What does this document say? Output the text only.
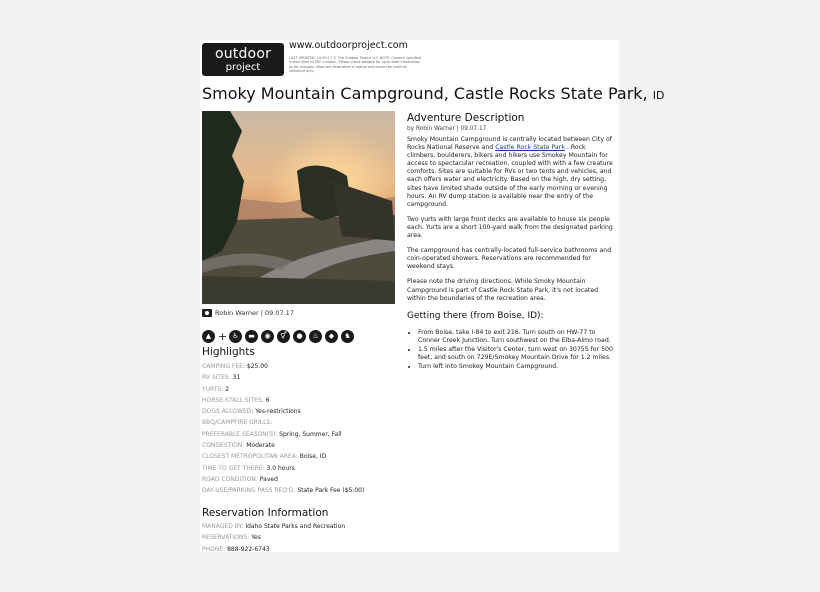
outdoor
project
www.outdoorproject.com
LAST UPDATED: 10:09:17 © The Outdoor Project LLC NOTE: Content specified is from time of PDF creation. Please check website for up-to-date information as for changes. Maps are illustrative in nature and should be used for reference only.
Smoky Mountain Campground, Castle Rocks State Park, ID
Robin Warner | 09.07.17
▲ + ♿	▬	◉	⚥	●	♨	◆	♞
Highlights
CAMPING FEE: $25.00
RV SITES: 31
YURTS: 2
HORSE-STALL SITES: 6
DOGS ALLOWED: Yes-restrictions
BBQ/CAMPFIRE GRILLS:
PREFERABLE SEASON(S): Spring, Summer, Fall
CONGESTION: Moderate
CLOSEST METROPOLITAN AREA: Boise, ID
TIME TO GET THERE: 3.0 hours
ROAD CONDITION: Paved
DAY-USE/PARKING PASS REQ'D: State Park Fee ($5.00)
Reservation Information
MANAGED BY: Idaho State Parks and Recreation
RESERVATIONS: Yes
PHONE: 888-922-6743
Adventure Description
by Robin Warner | 09.07.17

Smoky Mountain Campground is centrally located between City of Rocks National Reserve and Castle Rock State Park . Rock climbers, boulderers, bikers and hikers use Smokey Mountain for access to spectacular recreation, coupled with with a few creature comforts. Sites are suitable for RVs or two tents and vehicles, and each offers water and electricity. Based on the high, dry setting, sites have limited shade outside of the early morning or evening hours. An RV dump station is available near the entry of the campground.

Two yurts with large front decks are available to house six people each. Yurts are a short 100-yard walk from the designated parking area.

The campground has centrally-located full-service bathrooms and coin-operated showers. Reservations are recommended for weekend stays.

Please note the driving directions. While Smoky Mountain Campground is part of Castle Rock State Park, it's not located within the boundaries of the recreation area.

Getting there (from Boise, ID):
• From Boise, take I-84 to exit 216. Turn south on HW-77 to Conner Creek Junction. Turn southwest on the Elba-Almo road.
• 1.5 miles after the Visitor's Center, turn west on 3075S for 500 feet, and south on 729E/Smokey Mountain Drive for 1.2 miles.
• Turn left into Smokey Mountain Campground.
